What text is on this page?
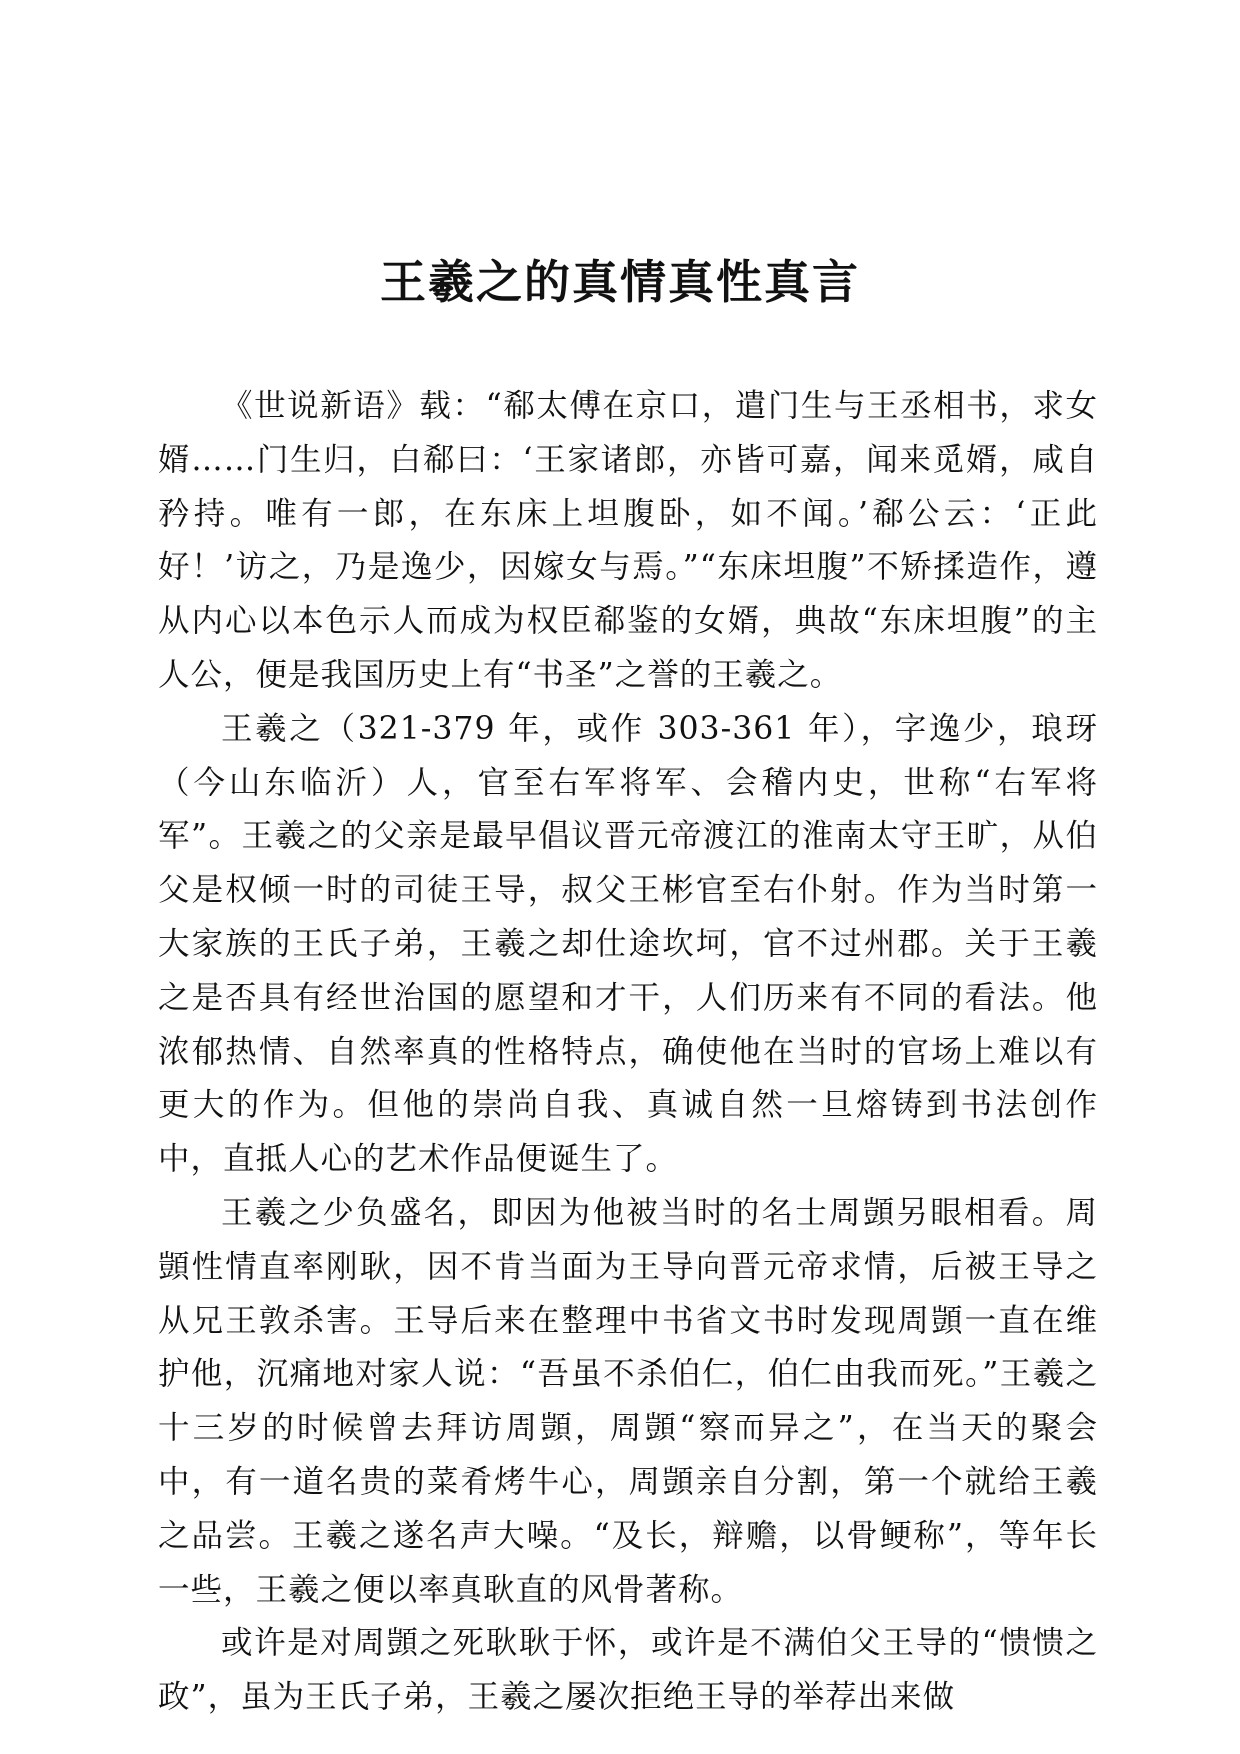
王羲之的真情真性真言

《世说新语》载：“郗太傅在京口，遣门生与王丞相书，求女婿……门生归，白郗曰：‘王家诸郎，亦皆可嘉，闻来觅婿，咸自矜持。唯有一郎，在东床上坦腹卧，如不闻。’郗公云：‘正此好！’访之，乃是逸少，因嫁女与焉。”“东床坦腹”不矫揉造作，遵从内心以本色示人而成为权臣郗鉴的女婿，典故“东床坦腹”的主人公，便是我国历史上有“书圣”之誉的王羲之。

王羲之（321-379 年，或作 303-361 年），字逸少，琅玡（今山东临沂）人，官至右军将军、会稽内史，世称“右军将军”。王羲之的父亲是最早倡议晋元帝渡江的淮南太守王旷，从伯父是权倾一时的司徒王导，叔父王彬官至右仆射。作为当时第一大家族的王氏子弟，王羲之却仕途坎坷，官不过州郡。关于王羲之是否具有经世治国的愿望和才干，人们历来有不同的看法。他浓郁热情、自然率真的性格特点，确使他在当时的官场上难以有更大的作为。但他的崇尚自我、真诚自然一旦熔铸到书法创作中，直抵人心的艺术作品便诞生了。

王羲之少负盛名，即因为他被当时的名士周顗另眼相看。周顗性情直率刚耿，因不肯当面为王导向晋元帝求情，后被王导之从兄王敦杀害。王导后来在整理中书省文书时发现周顗一直在维护他，沉痛地对家人说：“吾虽不杀伯仁，伯仁由我而死。”王羲之十三岁的时候曾去拜访周顗，周顗“察而异之”，在当天的聚会中，有一道名贵的菜肴烤牛心，周顗亲自分割，第一个就给王羲之品尝。王羲之遂名声大噪。“及长，辩赡，以骨鲠称”，等年长一些，王羲之便以率真耿直的风骨著称。

或许是对周顗之死耿耿于怀，或许是不满伯父王导的“愦愦之政”，虽为王氏子弟，王羲之屡次拒绝王导的举荐出来做
